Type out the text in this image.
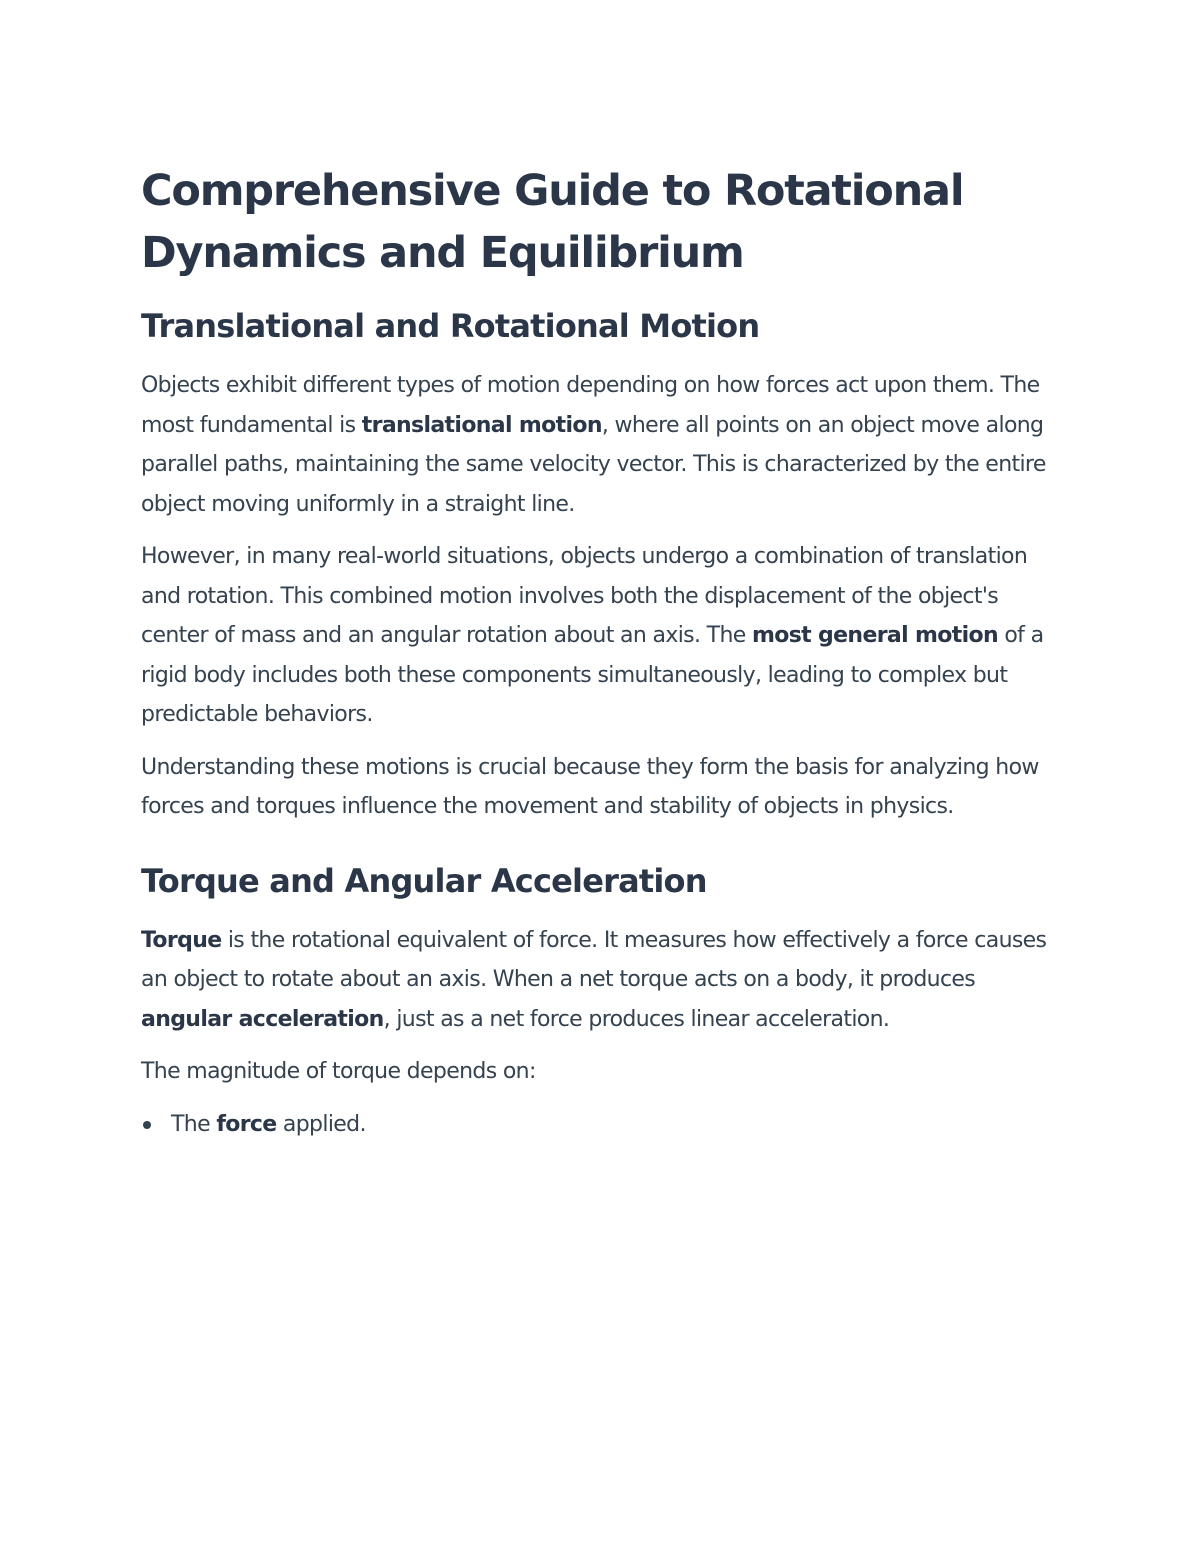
Comprehensive Guide to Rotational Dynamics and Equilibrium
Translational and Rotational Motion

Objects exhibit different types of motion depending on how forces act upon them. The most fundamental is translational motion, where all points on an object move along parallel paths, maintaining the same velocity vector. This is characterized by the entire object moving uniformly in a straight line.

However, in many real-world situations, objects undergo a combination of translation and rotation. This combined motion involves both the displacement of the object's center of mass and an angular rotation about an axis. The most general motion of a rigid body includes both these components simultaneously, leading to complex but predictable behaviors.

Understanding these motions is crucial because they form the basis for analyzing how forces and torques influence the movement and stability of objects in physics.

Torque and Angular Acceleration

Torque is the rotational equivalent of force. It measures how effectively a force causes an object to rotate about an axis. When a net torque acts on a body, it produces angular acceleration, just as a net force produces linear acceleration.

The magnitude of torque depends on:

The force applied.
